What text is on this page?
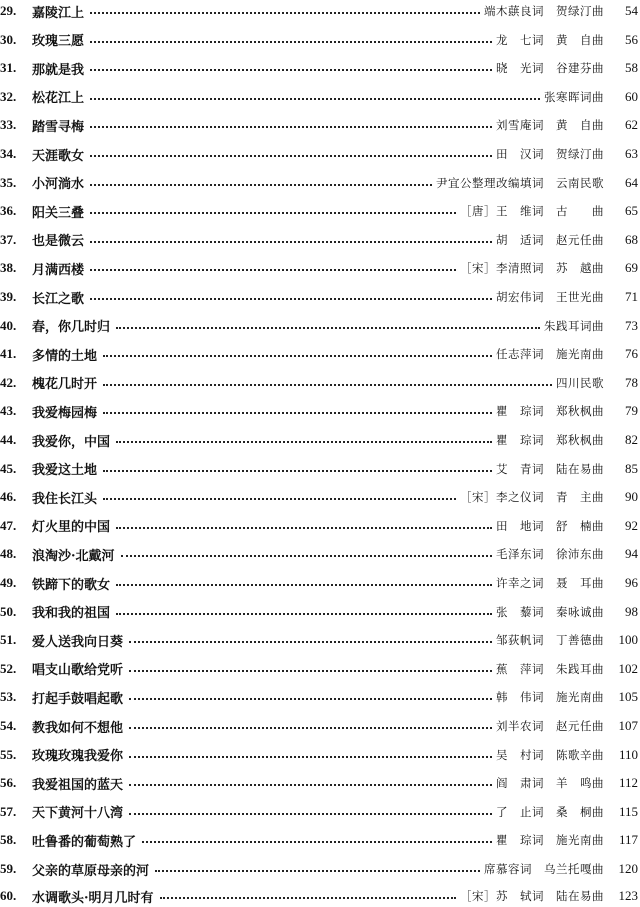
29.	嘉陵江上	端木蕻良词　贺绿汀曲	54
30.	玫瑰三愿	龙　七词　黄　自曲	56
31.	那就是我	晓　光词　谷建芬曲	58
32.	松花江上	张寒晖词曲	60
33.	踏雪寻梅	刘雪庵词　黄　自曲	62
34.	天涯歌女	田　汉词　贺绿汀曲	63
35.	小河淌水	尹宜公整理改编填词　云南民歌	64
36.	阳关三叠	［唐］王　维词　古　　曲	65
37.	也是微云	胡　适词　赵元任曲	68
38.	月满西楼	［宋］李清照词　苏　越曲	69
39.	长江之歌	胡宏伟词　王世光曲	71
40.	春，你几时归	朱践耳词曲	73
41.	多情的土地	任志萍词　施光南曲	76
42.	槐花几时开	四川民歌	78
43.	我爱梅园梅	瞿　琮词　郑秋枫曲	79
44.	我爱你，中国	瞿　琮词　郑秋枫曲	82
45.	我爱这土地	艾　青词　陆在易曲	85
46.	我住长江头	［宋］李之仪词　青　主曲	90
47.	灯火里的中国	田　地词　舒　楠曲	92
48.	浪淘沙·北戴河	毛泽东词　徐沛东曲	94
49.	铁蹄下的歌女	许幸之词　聂　耳曲	96
50.	我和我的祖国	张　藜词　秦咏诚曲	98
51.	爱人送我向日葵	邹荻帆词　丁善德曲	100
52.	唱支山歌给党听	蕉　萍词　朱践耳曲	102
53.	打起手鼓唱起歌	韩　伟词　施光南曲	105
54.	教我如何不想他	刘半农词　赵元任曲	107
55.	玫瑰玫瑰我爱你	吴　村词　陈歌辛曲	110
56.	我爱祖国的蓝天	阎　肃词　羊　鸣曲	112
57.	天下黄河十八湾	了　止词　桑　桐曲	115
58.	吐鲁番的葡萄熟了	瞿　琮词　施光南曲	117
59.	父亲的草原母亲的河	席慕容词　乌兰托嘎曲	120
60.	水调歌头·明月几时有	［宋］苏　轼词　陆在易曲	123
